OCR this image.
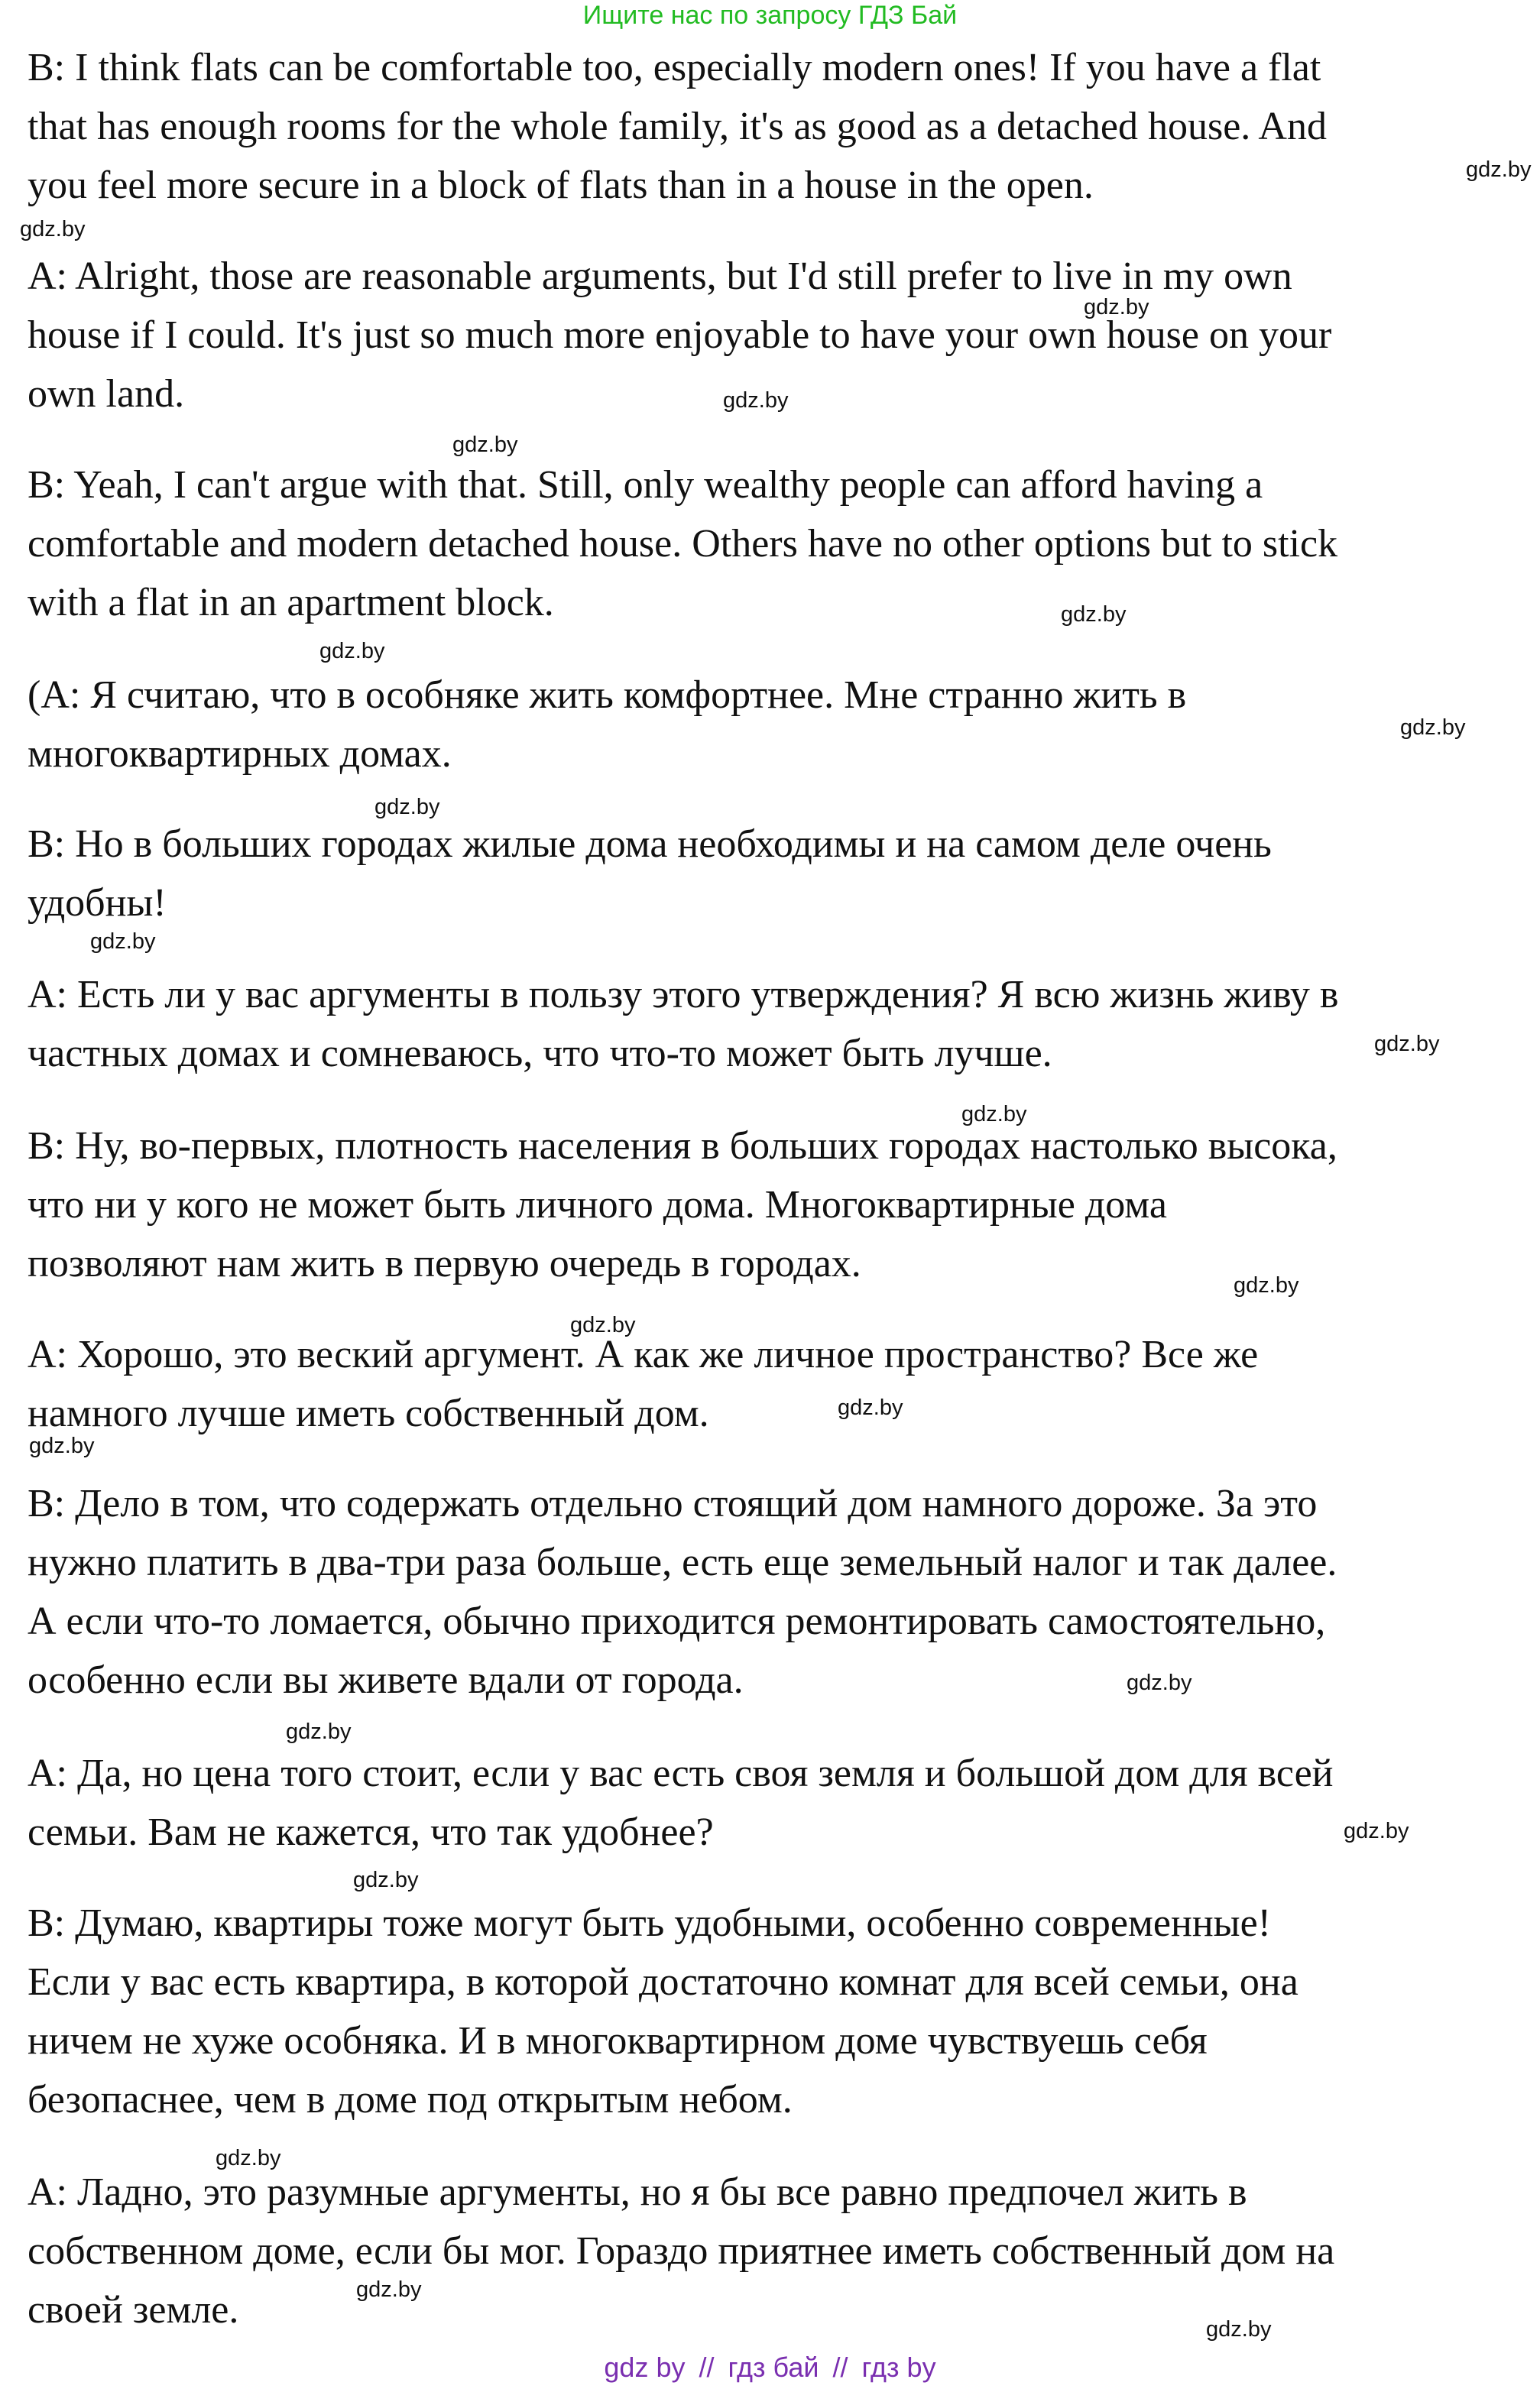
Ищите нас по запросу ГДЗ Бай

B: I think flats can be comfortable too, especially modern ones! If you have a flat
that has enough rooms for the whole family, it's as good as a detached house. And
you feel more secure in a block of flats than in a house in the open.

A: Alright, those are reasonable arguments, but I'd still prefer to live in my own
house if I could. It's just so much more enjoyable to have your own house on your
own land.

B: Yeah, I can't argue with that. Still, only wealthy people can afford having a
comfortable and modern detached house. Others have no other options but to stick
with a flat in an apartment block.

(A: Я считаю, что в особняке жить комфортнее. Мне странно жить в
многоквартирных домах.

B: Но в больших городах жилые дома необходимы и на самом деле очень
удобны!

A: Есть ли у вас аргументы в пользу этого утверждения? Я всю жизнь живу в
частных домах и сомневаюсь, что что-то может быть лучше.

B: Ну, во-первых, плотность населения в больших городах настолько высока,
что ни у кого не может быть личного дома. Многоквартирные дома
позволяют нам жить в первую очередь в городах.

A: Хорошо, это веский аргумент. А как же личное пространство? Все же
намного лучше иметь собственный дом.

B: Дело в том, что содержать отдельно стоящий дом намного дороже. За это
нужно платить в два-три раза больше, есть еще земельный налог и так далее.
А если что-то ломается, обычно приходится ремонтировать самостоятельно,
особенно если вы живете вдали от города.

A: Да, но цена того стоит, если у вас есть своя земля и большой дом для всей
семьи. Вам не кажется, что так удобнее?

B: Думаю, квартиры тоже могут быть удобными, особенно современные!
Если у вас есть квартира, в которой достаточно комнат для всей семьи, она
ничем не хуже особняка. И в многоквартирном доме чувствуешь себя
безопаснее, чем в доме под открытым небом.

A: Ладно, это разумные аргументы, но я бы все равно предпочел жить в
собственном доме, если бы мог. Гораздо приятнее иметь собственный дом на
своей земле.

gdz.by
gdz.by
gdz.by
gdz.by
gdz.by
gdz.by
gdz.by
gdz.by
gdz.by
gdz.by
gdz.by
gdz.by
gdz.by
gdz.by
gdz.by
gdz.by
gdz.by
gdz.by
gdz.by
gdz.by
gdz.by
gdz.by
gdz.by
gdz by // гдз бай // гдз by
